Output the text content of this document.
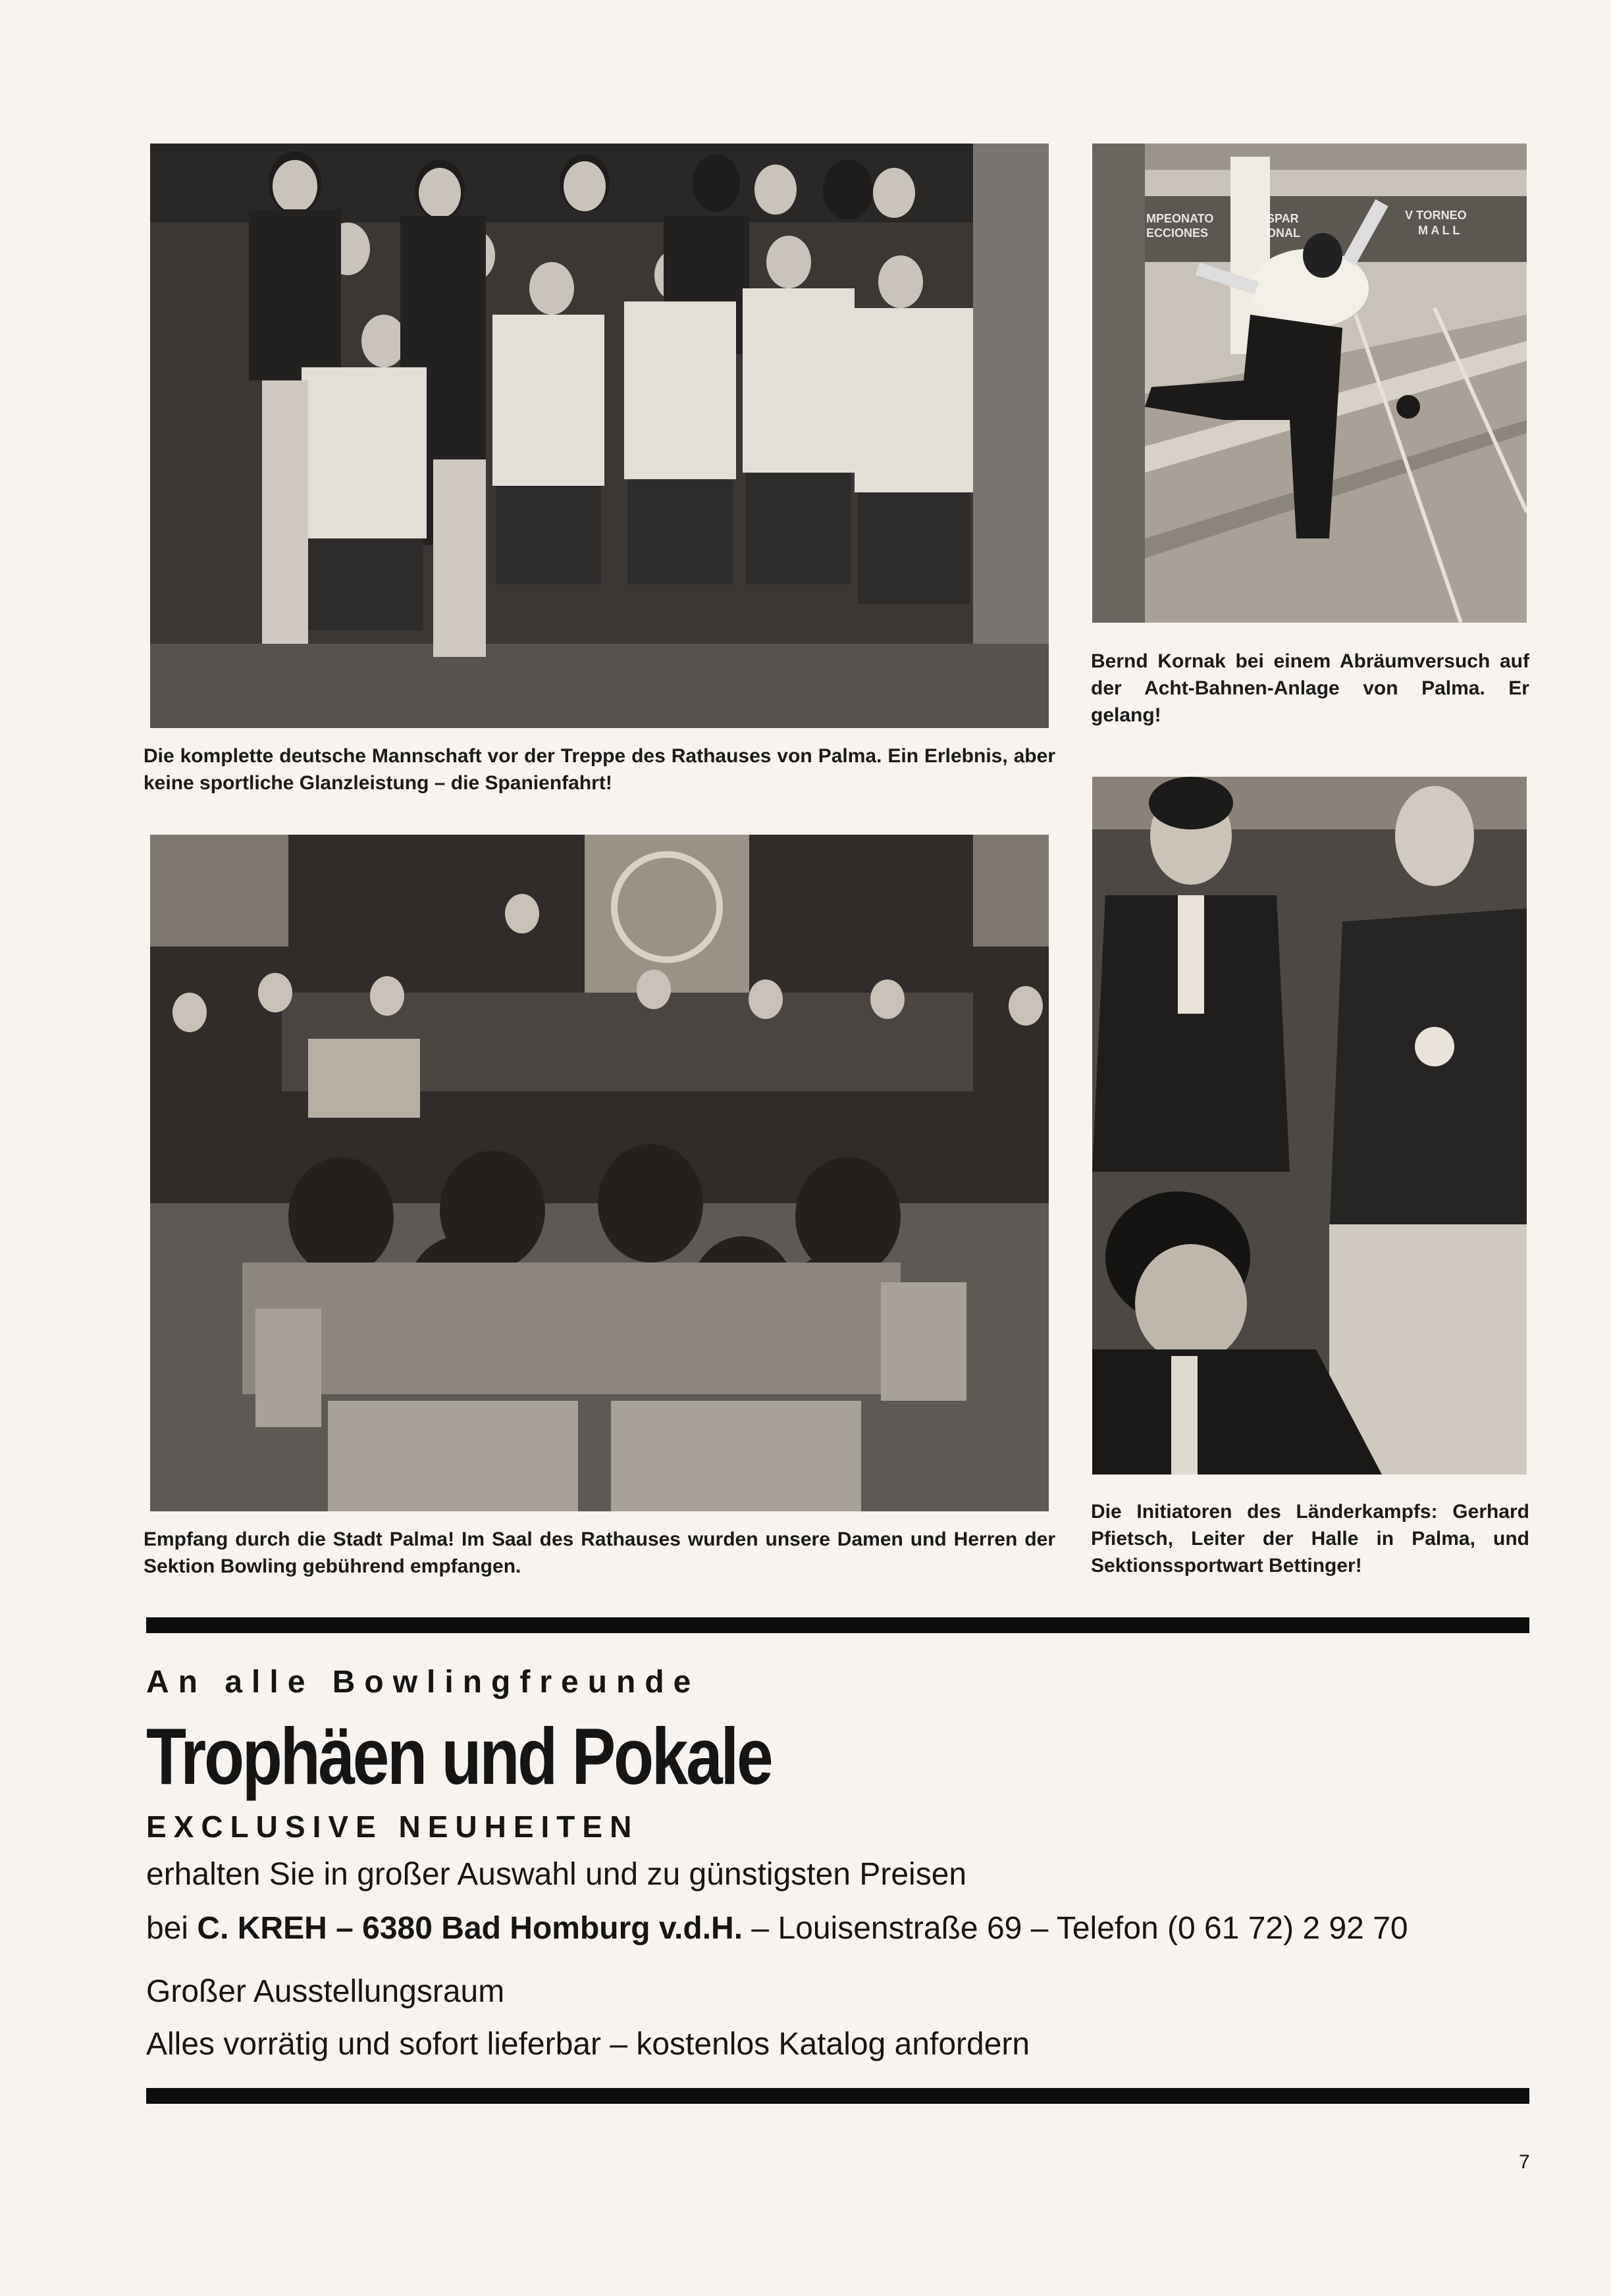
Die komplette deutsche Mannschaft vor der Treppe des Rathauses von Palma. Ein Erlebnis, aber keine sportliche Glanzleistung – die Spanienfahrt!

MPEONATO
ECCIONES
SPAR
ONAL
V TORNEO
M A L L

Bernd Kornak bei einem Abräumversuch auf der Acht-Bahnen-Anlage von Palma. Er gelang!

Empfang durch die Stadt Palma! Im Saal des Rathauses wurden unsere Damen und Herren der Sektion Bowling gebührend empfangen.

Die Initiatoren des Länderkampfs: Gerhard Pfietsch, Leiter der Halle in Palma, und Sektionssportwart Bettinger!

An alle Bowlingfreunde

Trophäen und Pokale

EXCLUSIVE NEUHEITEN

erhalten Sie in großer Auswahl und zu günstigsten Preisen

bei C. KREH – 6380 Bad Homburg v.d.H. – Louisenstraße 69 – Telefon (0 61 72) 2 92 70

Großer Ausstellungsraum

Alles vorrätig und sofort lieferbar – kostenlos Katalog anfordern

7
